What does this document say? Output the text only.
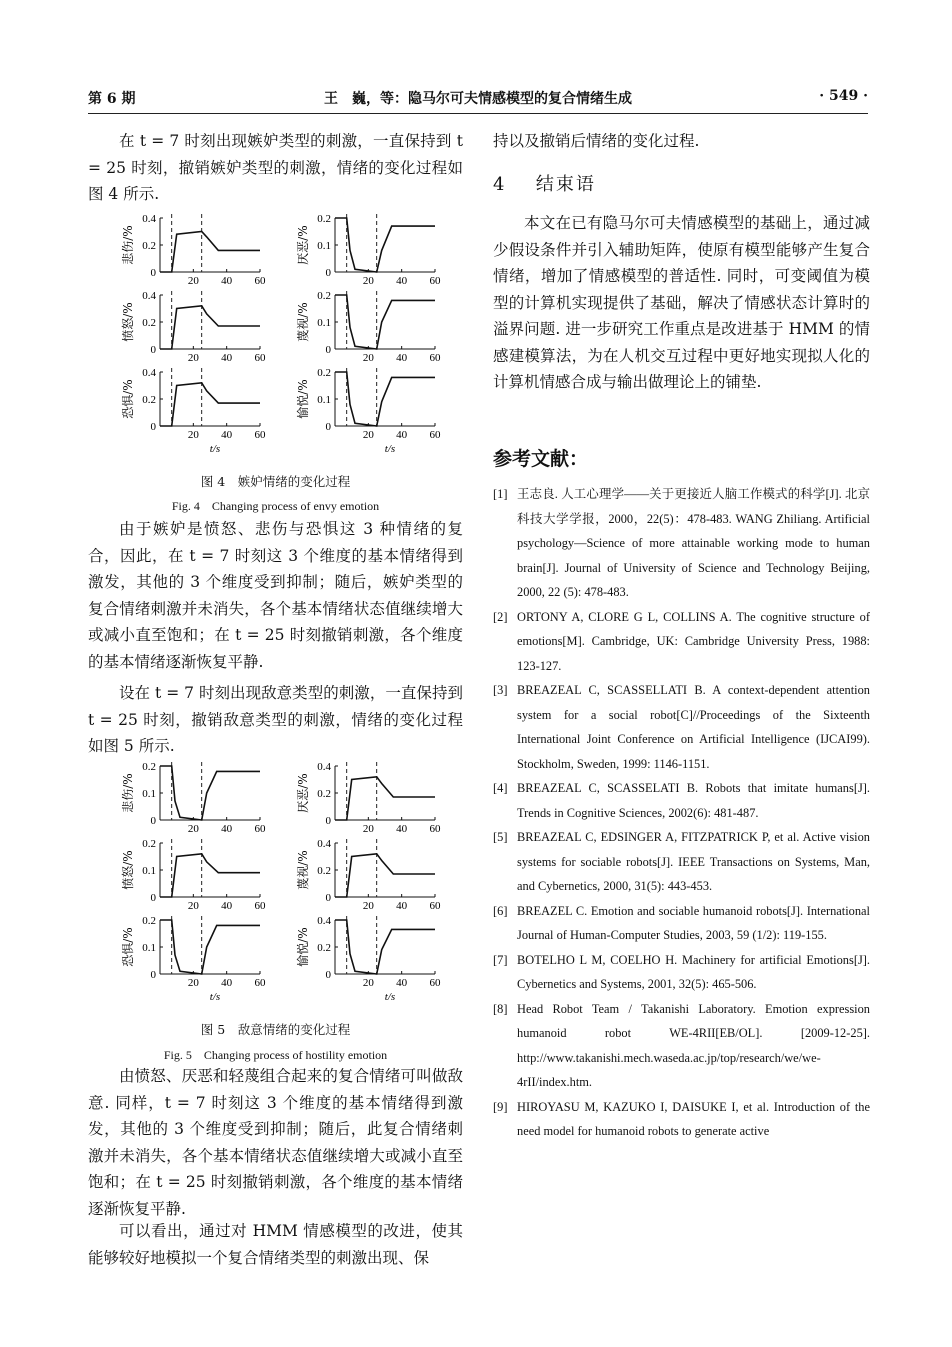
第 6 期	王　巍，等：隐马尔可夫情感模型的复合情绪生成	· 549 ·

在 t = 7 时刻出现嫉妒类型的刺激，一直保持到 t = 25 时刻，撤销嫉妒类型的刺激，情绪的变化过程如图 4 所示.

0.4
0.2
0
20 40 60
悲伤/%
0.2
0.1
0
20 40 60
厌恶/%
0.4
0.2
0
20 40 60
愤怒/%
0.2
0.1
0
20 40 60
蔑视/%
0.4
0.2
0
20 40 60
恐惧/%
t/s
0.2
0.1
0
20 40 60
愉悦/%
t/s
图 4　嫉妒情绪的变化过程
Fig. 4　Changing process of envy emotion

由于嫉妒是愤怒、悲伤与恐惧这 3 种情绪的复合，因此，在 t = 7 时刻这 3 个维度的基本情绪得到激发，其他的 3 个维度受到抑制；随后，嫉妒类型的复合情绪刺激并未消失，各个基本情绪状态值继续增大或减小直至饱和；在 t = 25 时刻撤销刺激，各个维度的基本情绪逐渐恢复平静.

设在 t = 7 时刻出现敌意类型的刺激，一直保持到 t = 25 时刻，撤销敌意类型的刺激，情绪的变化过程如图 5 所示.

0.2
0.1
0
20 40 60
悲伤/%
0.4
0.2
0
20 40 60
厌恶/%
0.2
0.1
0
20 40 60
愤怒/%
0.4
0.2
0
20 40 60
蔑视/%
0.2
0.1
0
20 40 60
恐惧/%
t/s
0.4
0.2
0
20 40 60
愉悦/%
t/s
图 5　敌意情绪的变化过程
Fig. 5　Changing process of hostility emotion

由愤怒、厌恶和轻蔑组合起来的复合情绪可叫做敌意. 同样，t = 7 时刻这 3 个维度的基本情绪得到激发，其他的 3 个维度受到抑制；随后，此复合情绪刺激并未消失，各个基本情绪状态值继续增大或减小直至饱和；在 t = 25 时刻撤销刺激，各个维度的基本情绪逐渐恢复平静.

可以看出，通过对 HMM 情感模型的改进，使其能够较好地模拟一个复合情绪类型的刺激出现、保

持以及撤销后情绪的变化过程.

4 结束语

本文在已有隐马尔可夫情感模型的基础上，通过减少假设条件并引入辅助矩阵，使原有模型能够产生复合情绪，增加了情感模型的普适性. 同时，可变阈值为模型的计算机实现提供了基础，解决了情感状态计算时的溢界问题. 进一步研究工作重点是改进基于 HMM 的情感建模算法，为在人机交互过程中更好地实现拟人化的计算机情感合成与输出做理论上的铺垫.

参考文献：

[1] 王志良. 人工心理学——关于更接近人脑工作模式的科学[J]. 北京科技大学学报，2000，22(5)：478-483. WANG Zhiliang. Artificial psychology—Science of more attainable working mode to human brain[J]. Journal of University of Science and Technology Beijing, 2000, 22 (5): 478-483.

[2] ORTONY A, CLORE G L, COLLINS A. The cognitive structure of emotions[M]. Cambridge, UK: Cambridge University Press, 1988: 123-127.

[3] BREAZEAL C, SCASSELLATI B. A context-dependent attention system for a social robot[C]//Proceedings of the Sixteenth International Joint Conference on Artificial Intelligence (IJCAI99). Stockholm, Sweden, 1999: 1146-1151.

[4] BREAZEAL C, SCASSELATI B. Robots that imitate humans[J]. Trends in Cognitive Sciences, 2002(6): 481-487.

[5] BREAZEAL C, EDSINGER A, FITZPATRICK P, et al. Active vision systems for sociable robots[J]. IEEE Transactions on Systems, Man, and Cybernetics, 2000, 31(5): 443-453.

[6] BREAZEL C. Emotion and sociable humanoid robots[J]. International Journal of Human-Computer Studies, 2003, 59 (1/2): 119-155.

[7] BOTELHO L M, COELHO H. Machinery for artificial Emotions[J]. Cybernetics and Systems, 2001, 32(5): 465-506.

[8] Head Robot Team / Takanishi Laboratory. Emotion expression humanoid robot WE-4RII[EB/OL]. [2009-12-25]. http://www.takanishi.mech.waseda.ac.jp/top/research/we/we-4rII/index.htm.

[9] HIROYASU M, KAZUKO I, DAISUKE I, et al. Introduction of the need model for humanoid robots to generate active
